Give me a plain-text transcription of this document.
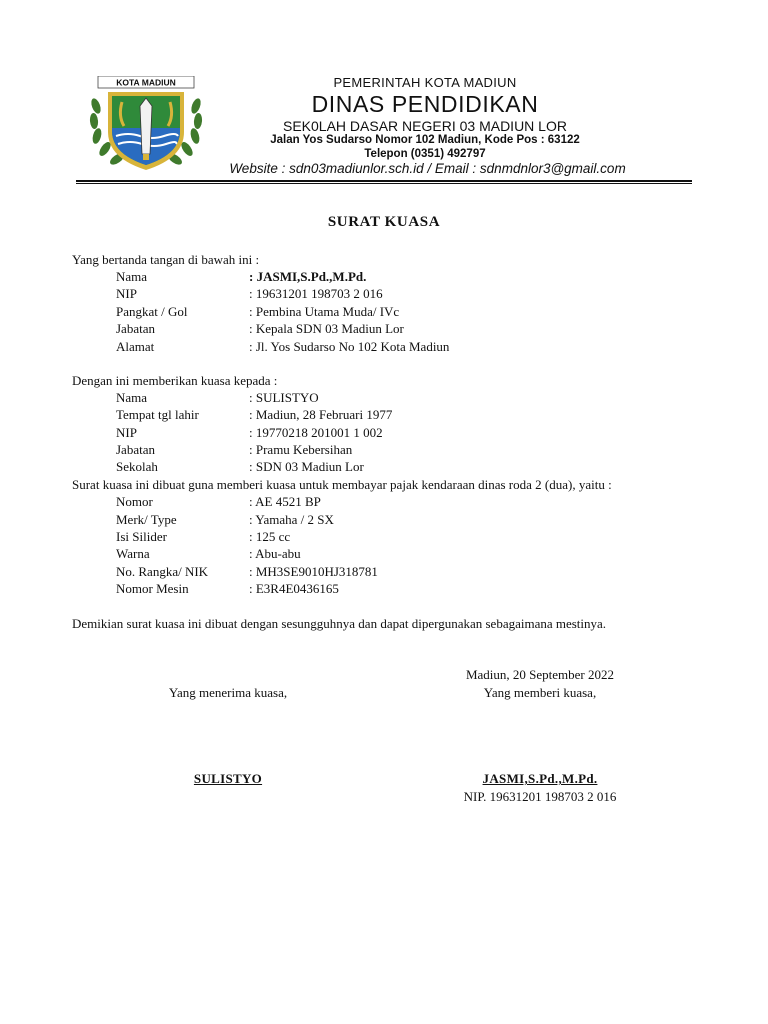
KOTA MADIUN	PEMERINTAH KOTA MADIUN
DINAS PENDIDIKAN
SEK0LAH DASAR NEGERI 03 MADIUN LOR
Jalan Yos Sudarso Nomor 102 Madiun, Kode Pos : 63122
Telepon (0351) 492797
Website : sdn03madiunlor.sch.id / Email : sdnmdnlor3@gmail.com
SURAT KUASA
Yang bertanda tangan di bawah ini :
Nama	: JASMI,S.Pd.,M.Pd.
NIP	: 19631201 198703 2 016
Pangkat / Gol	: Pembina Utama Muda/ IVc
Jabatan	: Kepala SDN 03 Madiun Lor
Alamat	: Jl. Yos Sudarso No 102 Kota Madiun
Dengan ini memberikan kuasa kepada :
Nama	: SULISTYO
Tempat tgl lahir	: Madiun, 28 Februari 1977
NIP	: 19770218 201001 1 002
Jabatan	: Pramu Kebersihan
Sekolah	: SDN 03 Madiun Lor
Surat kuasa ini dibuat guna memberi kuasa untuk membayar pajak kendaraan dinas roda 2 (dua), yaitu :
Nomor	: AE 4521 BP
Merk/ Type	: Yamaha / 2 SX
Isi Silider	: 125 cc
Warna	: Abu-abu
No. Rangka/ NIK	: MH3SE9010HJ318781
Nomor Mesin	: E3R4E0436165
Demikian surat kuasa ini dibuat dengan sesungguhnya dan dapat dipergunakan sebagaimana mestinya.
Madiun, 20 September 2022
Yang menerima kuasa,	Yang memberi kuasa,
SULISTYO	JASMI,S.Pd.,M.Pd.
NIP. 19631201 198703 2 016
